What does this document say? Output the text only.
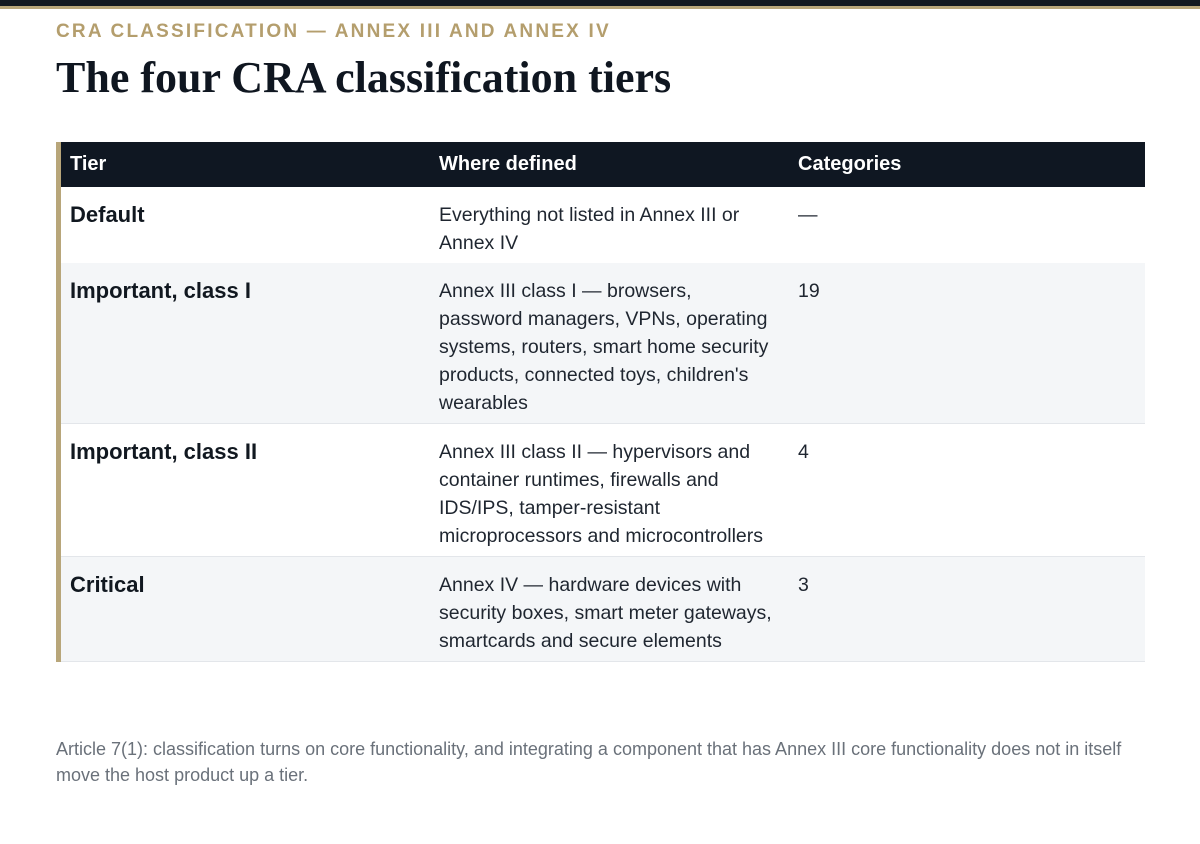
CRA CLASSIFICATION — ANNEX III AND ANNEX IV
The four CRA classification tiers
Tier	Where defined	Categories
Default	Everything not listed in Annex III or Annex IV	—
Important, class I	Annex III class I — browsers, password managers, VPNs, operating systems, routers, smart home security products, connected toys, children's wearables	19
Important, class II	Annex III class II — hypervisors and container runtimes, firewalls and IDS/IPS, tamper-resistant microprocessors and microcontrollers	4
Critical	Annex IV — hardware devices with security boxes, smart meter gateways, smartcards and secure elements	3
Article 7(1): classification turns on core functionality, and integrating a component that has Annex III core functionality does not in itself move the host product up a tier.
